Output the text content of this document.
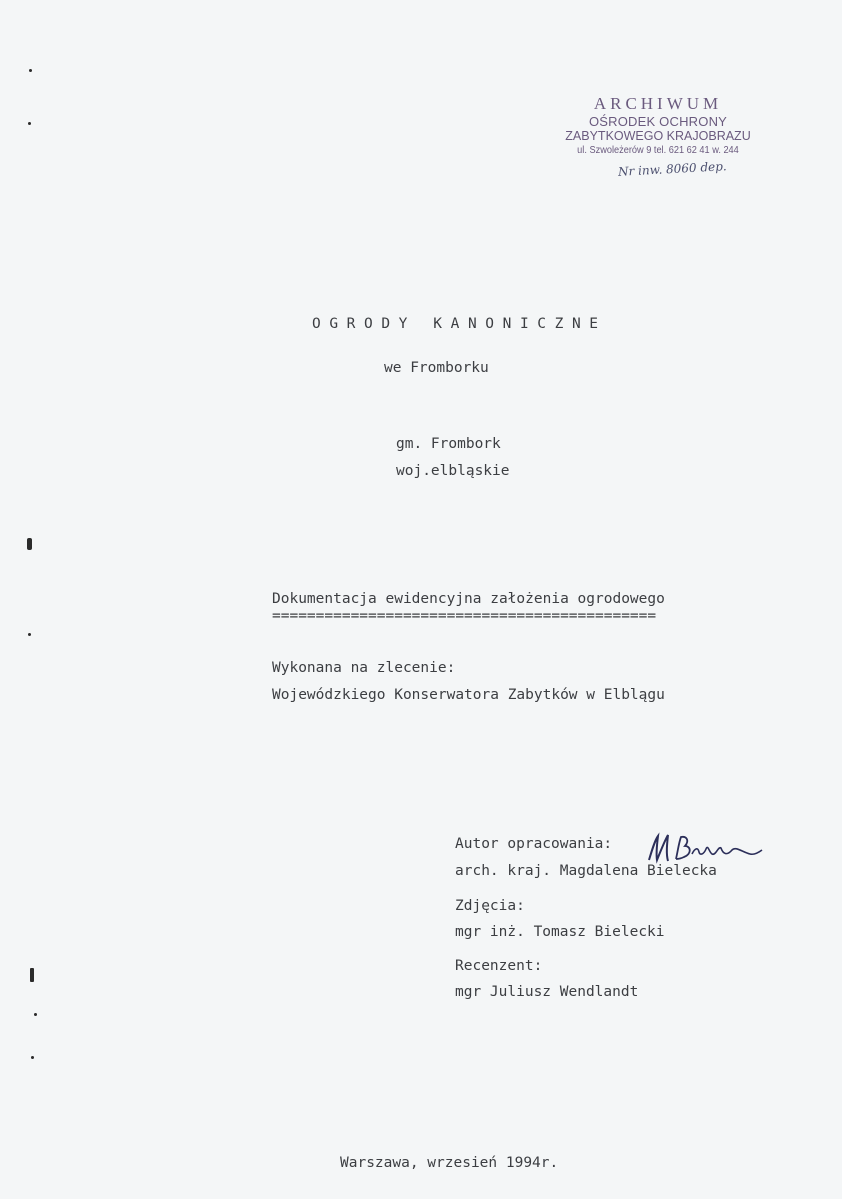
ARCHIWUM
OŚRODEK OCHRONY
ZABYTKOWEGO KRAJOBRAZU
ul. Szwoleżerów 9 tel. 621 62 41 w. 244
Nr inw. 8060 dep.
OGRODY KANONICZNE
we Fromborku
gm. Frombork
woj.elbląskie
Dokumentacja ewidencyjna założenia ogrodowego
============================================
Wykonana na zlecenie:
Wojewódzkiego Konserwatora Zabytków w Elblągu
Autor opracowania:
arch. kraj. Magdalena Bielecka
Zdjęcia:
mgr inż. Tomasz Bielecki
Recenzent:
mgr Juliusz Wendlandt
Warszawa, wrzesień 1994r.
